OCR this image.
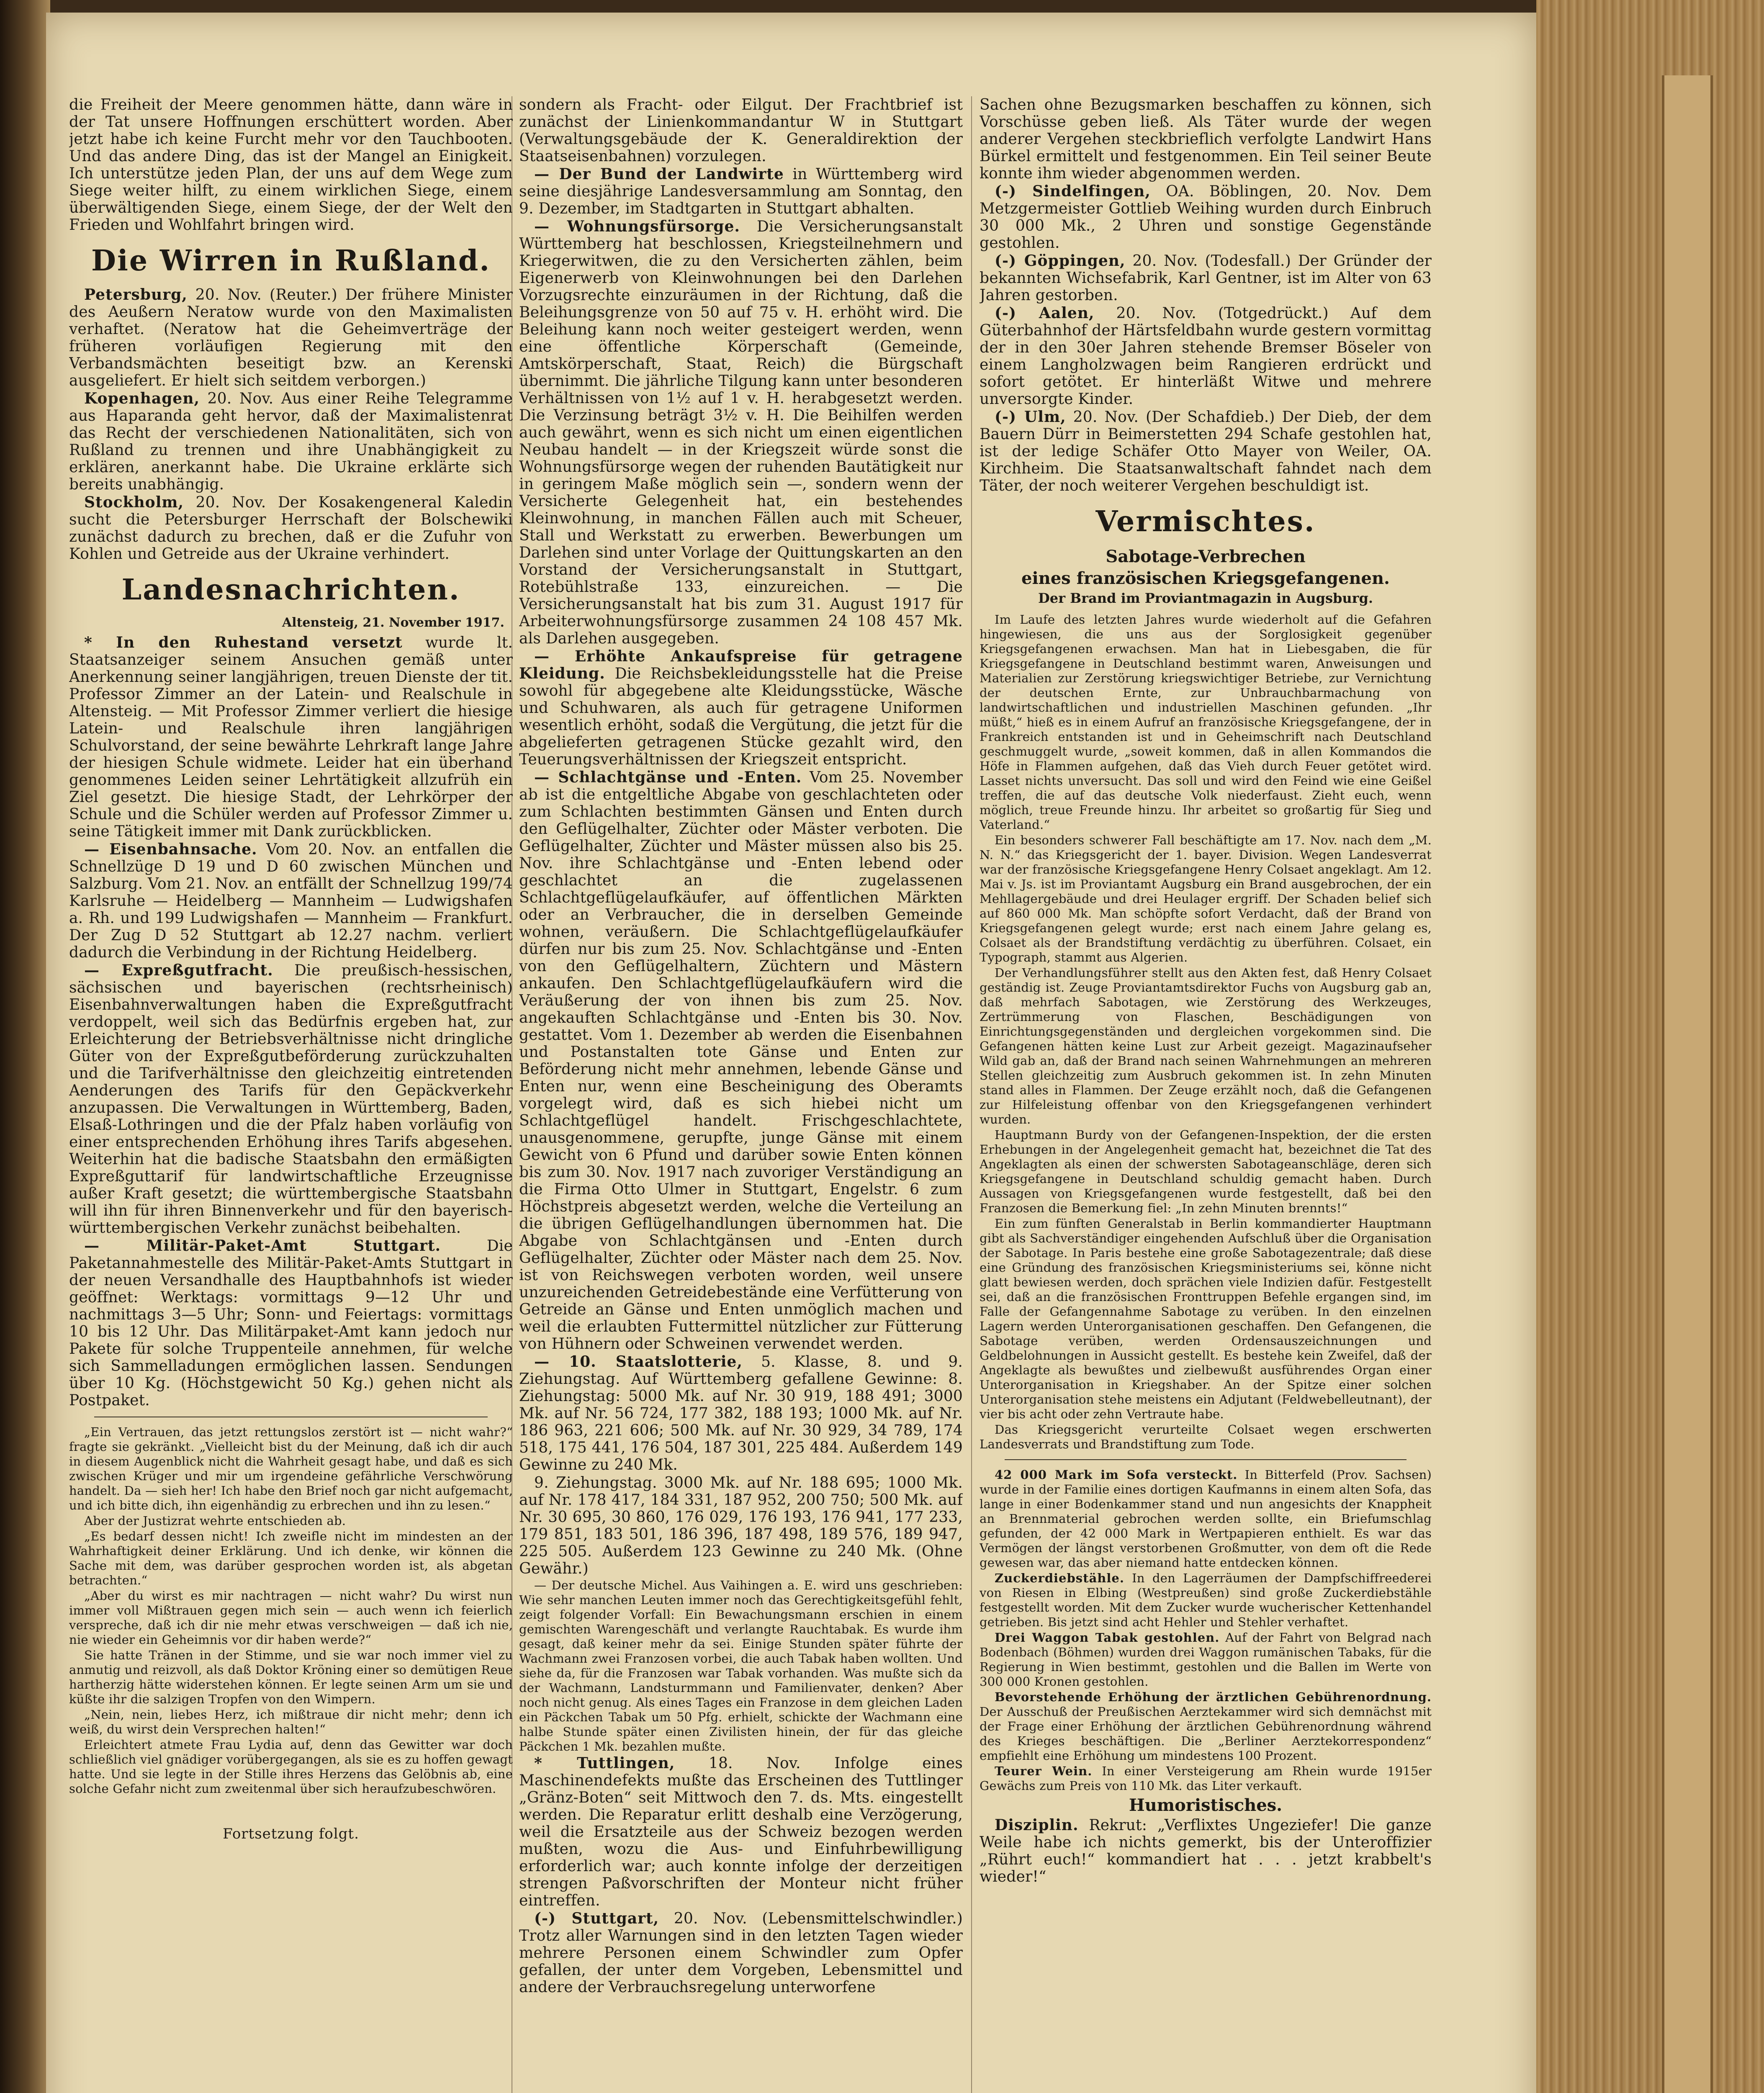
die Freiheit der Meere genommen hätte, dann wäre in der Tat unsere Hoffnungen erschüttert worden. Aber jetzt habe ich keine Furcht mehr vor den Tauchbooten. Und das andere Ding, das ist der Mangel an Einigkeit. Ich unterstütze jeden Plan, der uns auf dem Wege zum Siege weiter hilft, zu einem wirklichen Siege, einem überwältigenden Siege, einem Siege, der der Welt den Frieden und Wohlfahrt bringen wird.

Die Wirren in Rußland.

Petersburg, 20. Nov. (Reuter.) Der frühere Minister des Aeußern Neratow wurde von den Maximalisten verhaftet. (Neratow hat die Geheimverträge der früheren vorläufigen Regierung mit den Verbandsmächten beseitigt bzw. an Kerenski ausgeliefert. Er hielt sich seitdem verborgen.)

Kopenhagen, 20. Nov. Aus einer Reihe Telegramme aus Haparanda geht hervor, daß der Maximalistenrat das Recht der verschiedenen Nationalitäten, sich von Rußland zu trennen und ihre Unabhängigkeit zu erklären, anerkannt habe. Die Ukraine erklärte sich bereits unabhängig.

Stockholm, 20. Nov. Der Kosakengeneral Kaledin sucht die Petersburger Herrschaft der Bolschewiki zunächst dadurch zu brechen, daß er die Zufuhr von Kohlen und Getreide aus der Ukraine verhindert.

Landesnachrichten.
Altensteig, 21. November 1917.

* In den Ruhestand versetzt wurde lt. Staatsanzeiger seinem Ansuchen gemäß unter Anerkennung seiner langjährigen, treuen Dienste der tit. Professor Zimmer an der Latein- und Realschule in Altensteig. — Mit Professor Zimmer verliert die hiesige Latein- und Realschule ihren langjährigen Schulvorstand, der seine bewährte Lehrkraft lange Jahre der hiesigen Schule widmete. Leider hat ein überhand genommenes Leiden seiner Lehrtätigkeit allzufrüh ein Ziel gesetzt. Die hiesige Stadt, der Lehrkörper der Schule und die Schüler werden auf Professor Zimmer u. seine Tätigkeit immer mit Dank zurückblicken.

— Eisenbahnsache. Vom 20. Nov. an entfallen die Schnellzüge D 19 und D 60 zwischen München und Salzburg. Vom 21. Nov. an entfällt der Schnellzug 199/74 Karlsruhe — Heidelberg — Mannheim — Ludwigshafen a. Rh. und 199 Ludwigshafen — Mannheim — Frankfurt. Der Zug D 52 Stuttgart ab 12.27 nachm. verliert dadurch die Verbindung in der Richtung Heidelberg.

— Expreßgutfracht. Die preußisch-hessischen, sächsischen und bayerischen (rechtsrheinisch) Eisenbahnverwaltungen haben die Expreßgutfracht verdoppelt, weil sich das Bedürfnis ergeben hat, zur Erleichterung der Betriebsverhältnisse nicht dringliche Güter von der Expreßgutbeförderung zurückzuhalten und die Tarifverhältnisse den gleichzeitig eintretenden Aenderungen des Tarifs für den Gepäckverkehr anzupassen. Die Verwaltungen in Württemberg, Baden, Elsaß-Lothringen und die der Pfalz haben vorläufig von einer entsprechenden Erhöhung ihres Tarifs abgesehen. Weiterhin hat die badische Staatsbahn den ermäßigten Expreßguttarif für landwirtschaftliche Erzeugnisse außer Kraft gesetzt; die württembergische Staatsbahn will ihn für ihren Binnenverkehr und für den bayerisch-württembergischen Verkehr zunächst beibehalten.

— Militär-Paket-Amt Stuttgart.	Die Paketannahmestelle des Militär-Paket-Amts Stuttgart in der neuen Versandhalle des Hauptbahnhofs ist wieder geöffnet: Werktags: vormittags 9—12 Uhr und nachmittags 3—5 Uhr; Sonn- und Feiertags: vormittags 10 bis 12 Uhr. Das Militärpaket-Amt kann jedoch nur Pakete für solche Truppenteile annehmen, für welche sich Sammelladungen ermöglichen lassen. Sendungen über 10 Kg. (Höchstgewicht 50 Kg.) gehen nicht als Postpaket.

„Ein Vertrauen, das jetzt rettungslos zerstört ist — nicht wahr?“ fragte sie gekränkt. „Vielleicht bist du der Meinung, daß ich dir auch in diesem Augenblick nicht die Wahrheit gesagt habe, und daß es sich zwischen Krüger und mir um irgendeine gefährliche Verschwörung handelt. Da — sieh her! Ich habe den Brief noch gar nicht aufgemacht, und ich bitte dich, ihn eigenhändig zu erbrechen und ihn zu lesen.“

Aber der Justizrat wehrte entschieden ab.

„Es bedarf dessen nicht! Ich zweifle nicht im mindesten an der Wahrhaftigkeit deiner Erklärung. Und ich denke, wir können die Sache mit dem, was darüber gesprochen worden ist, als abgetan betrachten.“

„Aber du wirst es mir nachtragen — nicht wahr? Du wirst nun immer voll Mißtrauen gegen mich sein — auch wenn ich feierlich verspreche, daß ich dir nie mehr etwas verschweigen — daß ich nie, nie wieder ein Geheimnis vor dir haben werde?“

Sie hatte Tränen in der Stimme, und sie war noch immer viel zu anmutig und reizvoll, als daß Doktor Kröning einer so demütigen Reue hartherzig hätte widerstehen können. Er legte seinen Arm um sie und küßte ihr die salzigen Tropfen von den Wimpern.

„Nein, nein, liebes Herz, ich mißtraue dir nicht mehr; denn ich weiß, du wirst dein Versprechen halten!“

Erleichtert atmete Frau Lydia auf, denn das Gewitter war doch schließlich viel gnädiger vorübergegangen, als sie es zu hoffen gewagt hatte. Und sie legte in der Stille ihres Herzens das Gelöbnis ab, eine solche Gefahr nicht zum zweitenmal über sich heraufzubeschwören.

Fortsetzung folgt.

sondern als Fracht- oder Eilgut. Der Frachtbrief ist zunächst der Linienkommandantur W in Stuttgart (Verwaltungsgebäude der K. Generaldirektion der Staatseisenbahnen) vorzulegen.

— Der Bund der Landwirte in Württemberg wird seine diesjährige Landesversammlung am Sonntag, den 9. Dezember, im Stadtgarten in Stuttgart abhalten.

— Wohnungsfürsorge. Die Versicherungsanstalt Württemberg hat beschlossen, Kriegsteilnehmern und Kriegerwitwen, die zu den Versicherten zählen, beim Eigenerwerb von Kleinwohnungen bei den Darlehen Vorzugsrechte einzuräumen in der Richtung, daß die Beleihungsgrenze von 50 auf 75 v. H. erhöht wird. Die Beleihung kann noch weiter gesteigert werden, wenn eine öffentliche Körperschaft (Gemeinde, Amtskörperschaft, Staat, Reich) die Bürgschaft übernimmt. Die jährliche Tilgung kann unter besonderen Verhältnissen von 1½ auf 1 v. H. herabgesetzt werden. Die Verzinsung beträgt 3½ v. H. Die Beihilfen werden auch gewährt, wenn es sich nicht um einen eigentlichen Neubau handelt — in der Kriegszeit würde sonst die Wohnungsfürsorge wegen der ruhenden Bautätigkeit nur in geringem Maße möglich sein —, sondern wenn der Versicherte Gelegenheit hat, ein bestehendes Kleinwohnung, in manchen Fällen auch mit Scheuer, Stall und Werkstatt zu erwerben. Bewerbungen um Darlehen sind unter Vorlage der Quittungskarten an den Vorstand der Versicherungsanstalt in Stuttgart, Rotebühlstraße 133, einzureichen. — Die Versicherungsanstalt hat bis zum 31. August 1917 für Arbeiterwohnungsfürsorge zusammen 24 108 457 Mk. als Darlehen ausgegeben.

— Erhöhte Ankaufspreise für getragene Kleidung. Die Reichsbekleidungsstelle hat die Preise sowohl für abgegebene alte Kleidungsstücke, Wäsche und Schuhwaren, als auch für getragene Uniformen wesentlich erhöht, sodaß die Vergütung, die jetzt für die abgelieferten getragenen Stücke gezahlt wird, den Teuerungsverhältnissen der Kriegszeit entspricht.

— Schlachtgänse und -Enten. Vom 25. November ab ist die entgeltliche Abgabe von geschlachteten oder zum Schlachten bestimmten Gänsen und Enten durch den Geflügelhalter, Züchter oder Mäster verboten. Die Geflügelhalter, Züchter und Mäster müssen also bis 25. Nov. ihre Schlachtgänse und -Enten lebend oder geschlachtet an die zugelassenen Schlachtgeflügelaufkäufer, auf öffentlichen Märkten oder an Verbraucher, die in derselben Gemeinde wohnen, veräußern. Die Schlachtgeflügelaufkäufer dürfen nur bis zum 25. Nov. Schlachtgänse und -Enten von den Geflügelhaltern, Züchtern und Mästern ankaufen. Den Schlachtgeflügelaufkäufern wird die Veräußerung der von ihnen bis zum 25. Nov. angekauften Schlachtgänse und -Enten bis 30. Nov. gestattet. Vom 1. Dezember ab werden die Eisenbahnen und Postanstalten tote Gänse und Enten zur Beförderung nicht mehr annehmen, lebende Gänse und Enten nur, wenn eine Bescheinigung des Oberamts vorgelegt wird, daß es sich hiebei nicht um Schlachtgeflügel handelt. Frischgeschlachtete, unausgenommene, gerupfte, junge Gänse mit einem Gewicht von 6 Pfund und darüber sowie Enten können bis zum 30. Nov. 1917 nach zuvoriger Verständigung an die Firma Otto Ulmer in Stuttgart, Engelstr. 6 zum Höchstpreis abgesetzt werden, welche die Verteilung an die übrigen Geflügelhandlungen übernommen hat. Die Abgabe von Schlachtgänsen und -Enten durch Geflügelhalter, Züchter oder Mäster nach dem 25. Nov. ist von Reichswegen verboten worden, weil unsere unzureichenden Getreidebestände eine Verfütterung von Getreide an Gänse und Enten unmöglich machen und weil die erlaubten Futtermittel nützlicher zur Fütterung von Hühnern oder Schweinen verwendet werden.

— 10. Staatslotterie, 5. Klasse, 8. und 9. Ziehungstag. Auf Württemberg gefallene Gewinne: 8. Ziehungstag: 5000 Mk. auf Nr. 30 919, 188 491; 3000 Mk. auf Nr. 56 724, 177 382, 188 193; 1000 Mk. auf Nr. 186 963, 221 606; 500 Mk. auf Nr. 30 929, 34 789, 174 518, 175 441, 176 504, 187 301, 225 484. Außerdem 149 Gewinne zu 240 Mk.

9. Ziehungstag. 3000 Mk. auf Nr. 188 695; 1000 Mk. auf Nr. 178 417, 184 331, 187 952, 200 750; 500 Mk. auf Nr. 30 695, 30 860, 176 029, 176 193, 176 941, 177 233, 179 851, 183 501, 186 396, 187 498, 189 576, 189 947, 225 505. Außerdem 123 Gewinne zu 240 Mk. (Ohne Gewähr.)

— Der deutsche Michel. Aus Vaihingen a. E. wird uns geschrieben: Wie sehr manchen Leuten immer noch das Gerechtigkeitsgefühl fehlt, zeigt folgender Vorfall: Ein Bewachungsmann erschien in einem gemischten Warengeschäft und verlangte Rauchtabak. Es wurde ihm gesagt, daß keiner mehr da sei. Einige Stunden später führte der Wachmann zwei Franzosen vorbei, die auch Tabak haben wollten. Und siehe da, für die Franzosen war Tabak vorhanden. Was mußte sich da der Wachmann, Landsturmmann und Familienvater, denken? Aber noch nicht genug. Als eines Tages ein Franzose in dem gleichen Laden ein Päckchen Tabak um 50 Pfg. erhielt, schickte der Wachmann eine halbe Stunde später einen Zivilisten hinein, der für das gleiche Päckchen 1 Mk. bezahlen mußte.

* Tuttlingen, 18. Nov. Infolge eines Maschinendefekts mußte das Erscheinen des Tuttlinger „Gränz-Boten“ seit Mittwoch den 7. ds. Mts. eingestellt werden. Die Reparatur erlitt deshalb eine Verzögerung, weil die Ersatzteile aus der Schweiz bezogen werden mußten, wozu die Aus- und Einfuhrbewilligung erforderlich war; auch konnte infolge der derzeitigen strengen Paßvorschriften der Monteur nicht früher eintreffen.

(-) Stuttgart, 20. Nov. (Lebensmittelschwindler.) Trotz aller Warnungen sind in den letzten Tagen wieder mehrere Personen einem Schwindler zum Opfer gefallen, der unter dem Vorgeben, Lebensmittel und andere der Verbrauchsregelung unterworfene

Sachen ohne Bezugsmarken beschaffen zu können, sich Vorschüsse geben ließ. Als Täter wurde der wegen anderer Vergehen steckbrieflich verfolgte Landwirt Hans Bürkel ermittelt und festgenommen. Ein Teil seiner Beute konnte ihm wieder abgenommen werden.

(-) Sindelfingen, OA. Böblingen, 20. Nov. Dem Metzgermeister Gottlieb Weihing wurden durch Einbruch 30 000 Mk., 2 Uhren und sonstige Gegenstände gestohlen.

(-) Göppingen, 20. Nov. (Todesfall.) Der Gründer der bekannten Wichsefabrik, Karl Gentner, ist im Alter von 63 Jahren gestorben.

(-) Aalen, 20. Nov. (Totgedrückt.) Auf dem Güterbahnhof der Härtsfeldbahn wurde gestern vormittag der in den 30er Jahren stehende Bremser Böseler von einem Langholzwagen beim Rangieren erdrückt und sofort getötet. Er hinterläßt Witwe und mehrere unversorgte Kinder.

(-) Ulm, 20. Nov. (Der Schafdieb.) Der Dieb, der dem Bauern Dürr in Beimerstetten 294 Schafe gestohlen hat, ist der ledige Schäfer Otto Mayer von Weiler, OA. Kirchheim. Die Staatsanwaltschaft fahndet nach dem Täter, der noch weiterer Vergehen beschuldigt ist.

Vermischtes.
Sabotage-Verbrechen
eines französischen Kriegsgefangenen.
Der Brand im Proviantmagazin in Augsburg.

Im Laufe des letzten Jahres wurde wiederholt auf die Gefahren hingewiesen, die uns aus der Sorglosigkeit gegenüber Kriegsgefangenen erwachsen. Man hat in Liebesgaben, die für Kriegsgefangene in Deutschland bestimmt waren, Anweisungen und Materialien zur Zerstörung kriegswichtiger Betriebe, zur Vernichtung der deutschen Ernte, zur Unbrauchbarmachung von landwirtschaftlichen und industriellen Maschinen gefunden. „Ihr müßt,“ hieß es in einem Aufruf an französische Kriegsgefangene, der in Frankreich entstanden ist und in Geheimschrift nach Deutschland geschmuggelt wurde, „soweit kommen, daß in allen Kommandos die Höfe in Flammen aufgehen, daß das Vieh durch Feuer getötet wird. Lasset nichts unversucht. Das soll und wird den Feind wie eine Geißel treffen, die auf das deutsche Volk niederfaust. Zieht euch, wenn möglich, treue Freunde hinzu. Ihr arbeitet so großartig für Sieg und Vaterland.“

Ein besonders schwerer Fall beschäftigte am 17. Nov. nach dem „M. N. N.“ das Kriegsgericht der 1. bayer. Division. Wegen Landesverrat war der französische Kriegsgefangene Henry Colsaet angeklagt. Am 12. Mai v. Js. ist im Proviantamt Augsburg ein Brand ausgebrochen, der ein Mehllagergebäude und drei Heulager ergriff. Der Schaden belief sich auf 860 000 Mk. Man schöpfte sofort Verdacht, daß der Brand von Kriegsgefangenen gelegt wurde; erst nach einem Jahre gelang es, Colsaet als der Brandstiftung verdächtig zu überführen. Colsaet, ein Typograph, stammt aus Algerien.

Der Verhandlungsführer stellt aus den Akten fest, daß Henry Colsaet geständig ist. Zeuge Proviantamtsdirektor Fuchs von Augsburg gab an, daß mehrfach Sabotagen, wie Zerstörung des Werkzeuges, Zertrümmerung von Flaschen, Beschädigungen von Einrichtungsgegenständen und dergleichen vorgekommen sind. Die Gefangenen hätten keine Lust zur Arbeit gezeigt. Magazinaufseher Wild gab an, daß der Brand nach seinen Wahrnehmungen an mehreren Stellen gleichzeitig zum Ausbruch gekommen ist. In zehn Minuten stand alles in Flammen. Der Zeuge erzählt noch, daß die Gefangenen zur Hilfeleistung offenbar von den Kriegsgefangenen verhindert wurden.

Hauptmann Burdy von der Gefangenen-Inspektion, der die ersten Erhebungen in der Angelegenheit gemacht hat, bezeichnet die Tat des Angeklagten als einen der schwersten Sabotageanschläge, deren sich Kriegsgefangene in Deutschland schuldig gemacht haben. Durch Aussagen von Kriegsgefangenen wurde festgestellt, daß bei den Franzosen die Bemerkung fiel: „In zehn Minuten brennts!“

Ein zum fünften Generalstab in Berlin kommandierter Hauptmann gibt als Sachverständiger eingehenden Aufschluß über die Organisation der Sabotage. In Paris bestehe eine große Sabotagezentrale; daß diese eine Gründung des französischen Kriegsministeriums sei, könne nicht glatt bewiesen werden, doch sprächen viele Indizien dafür. Festgestellt sei, daß an die französischen Fronttruppen Befehle ergangen sind, im Falle der Gefangennahme Sabotage zu verüben. In den einzelnen Lagern werden Unterorganisationen geschaffen. Den Gefangenen, die Sabotage verüben, werden Ordensauszeichnungen und Geldbelohnungen in Aussicht gestellt. Es bestehe kein Zweifel, daß der Angeklagte als bewußtes und zielbewußt ausführendes Organ einer Unterorganisation in Kriegshaber. An der Spitze einer solchen Unterorganisation stehe meistens ein Adjutant (Feldwebelleutnant), der vier bis acht oder zehn Vertraute habe.

Das Kriegsgericht verurteilte Colsaet wegen erschwerten Landesverrats und Brandstiftung zum Tode.

42 000 Mark im Sofa versteckt. In Bitterfeld (Prov. Sachsen) wurde in der Familie eines dortigen Kaufmanns in einem alten Sofa, das lange in einer Bodenkammer stand und nun angesichts der Knappheit an Brennmaterial gebrochen werden sollte, ein Briefumschlag gefunden, der 42 000 Mark in Wertpapieren enthielt. Es war das Vermögen der längst verstorbenen Großmutter, von dem oft die Rede gewesen war, das aber niemand hatte entdecken können.

Zuckerdiebstähle. In den Lagerräumen der Dampfschiffreederei von Riesen in Elbing (Westpreußen) sind große Zuckerdiebstähle festgestellt worden. Mit dem Zucker wurde wucherischer Kettenhandel getrieben. Bis jetzt sind acht Hehler und Stehler verhaftet.

Drei Waggon Tabak gestohlen. Auf der Fahrt von Belgrad nach Bodenbach (Böhmen) wurden drei Waggon rumänischen Tabaks, für die Regierung in Wien bestimmt, gestohlen und die Ballen im Werte von 300 000 Kronen gestohlen.

Bevorstehende Erhöhung der ärztlichen Gebührenordnung. Der Ausschuß der Preußischen Aerztekammer wird sich demnächst mit der Frage einer Erhöhung der ärztlichen Gebührenordnung während des Krieges beschäftigen. Die „Berliner Aerztekorrespondenz“ empfiehlt eine Erhöhung um mindestens 100 Prozent.

Teurer Wein. In einer Versteigerung am Rhein wurde 1915er Gewächs zum Preis von 110 Mk. das Liter verkauft.

Humoristisches.

Disziplin. Rekrut: „Verflixtes Ungeziefer! Die ganze Weile habe ich nichts gemerkt, bis der Unteroffizier „Rührt euch!“ kommandiert hat . . . jetzt krabbelt's wieder!“
